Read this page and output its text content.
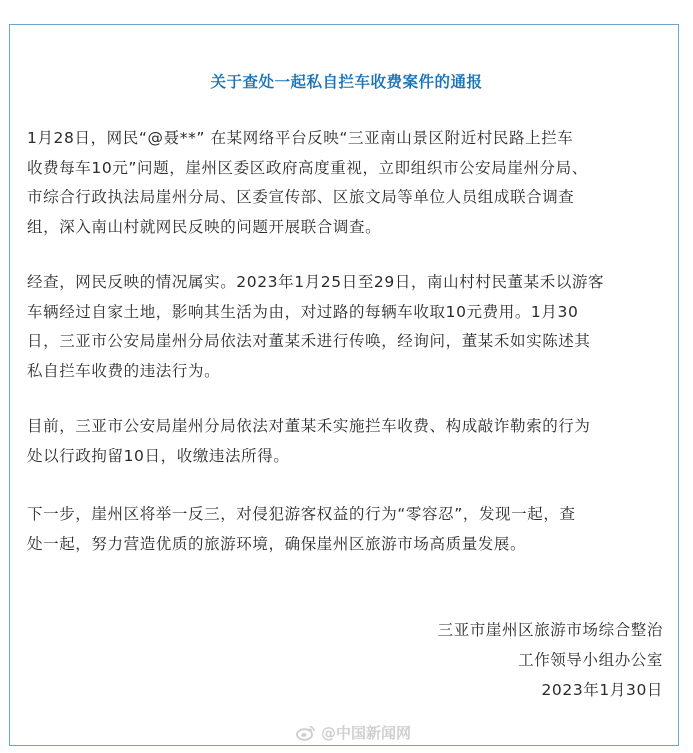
关于查处一起私自拦车收费案件的通报

1月28日，网民“@聂**” 在某网络平台反映“三亚南山景区附近村民路上拦车
收费每车10元”问题，崖州区委区政府高度重视，立即组织市公安局崖州分局、
市综合行政执法局崖州分局、区委宣传部、区旅文局等单位人员组成联合调查
组，深入南山村就网民反映的问题开展联合调查。

经查，网民反映的情况属实。2023年1月25日至29日，南山村村民董某禾以游客
车辆经过自家土地，影响其生活为由，对过路的每辆车收取10元费用。1月30
日，三亚市公安局崖州分局依法对董某禾进行传唤，经询问，董某禾如实陈述其
私自拦车收费的违法行为。

目前，三亚市公安局崖州分局依法对董某禾实施拦车收费、构成敲诈勒索的行为
处以行政拘留10日，收缴违法所得。

下一步，崖州区将举一反三，对侵犯游客权益的行为“零容忍”，发现一起，查
处一起，努力营造优质的旅游环境，确保崖州区旅游市场高质量发展。

三亚市崖州区旅游市场综合整治
工作领导小组办公室
2023年1月30日
@中国新闻网
